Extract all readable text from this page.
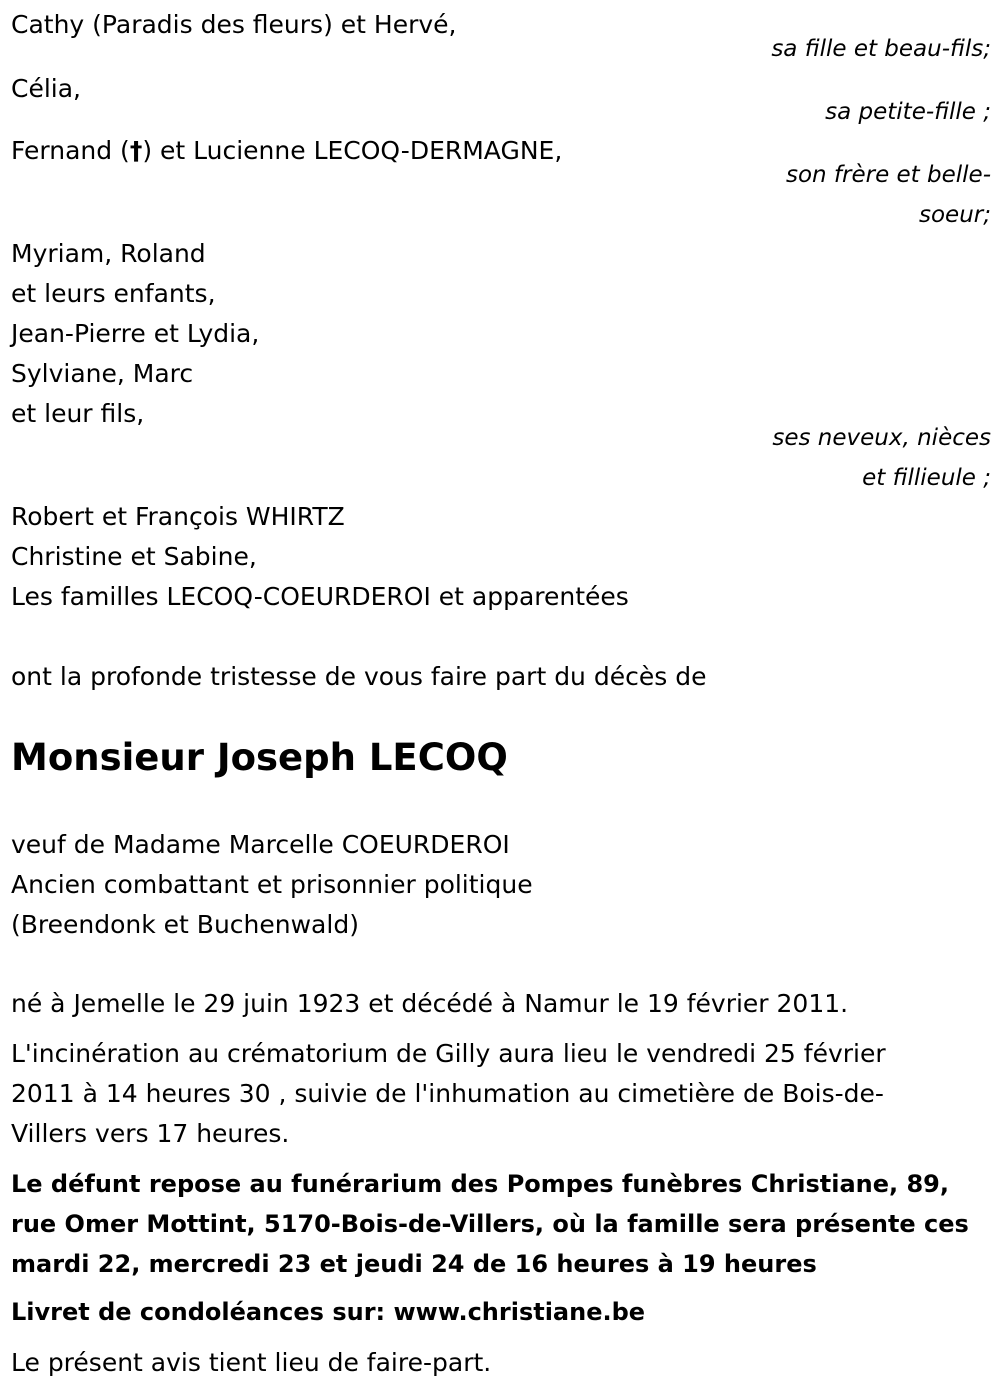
Cathy (Paradis des fleurs) et Hervé,

sa fille et beau-fils;

Célia,

sa petite-fille ;

Fernand (†) et Lucienne LECOQ-DERMAGNE,

son frère et belle-

soeur;

Myriam, Roland

et leurs enfants,

Jean-Pierre et Lydia,

Sylviane, Marc

et leur fils,

ses neveux, nièces

et fillieule ;

Robert et François WHIRTZ

Christine et Sabine,

Les familles LECOQ-COEURDEROI et apparentées

ont la profonde tristesse de vous faire part du décès de

Monsieur Joseph LECOQ

veuf de Madame Marcelle COEURDEROI

Ancien combattant et prisonnier politique

(Breendonk et Buchenwald)

né à Jemelle le 29 juin 1923 et décédé à Namur le 19 février 2011.

L'incinération au crématorium de Gilly aura lieu le vendredi 25 février

2011 à 14 heures 30 , suivie de l'inhumation au cimetière de Bois-de-

Villers vers 17 heures.

Le défunt repose au funérarium des Pompes funèbres Christiane, 89,

rue Omer Mottint, 5170-Bois-de-Villers, où la famille sera présente ces

mardi 22, mercredi 23 et jeudi 24 de 16 heures à 19 heures

Livret de condoléances sur: www.christiane.be

Le présent avis tient lieu de faire-part.
